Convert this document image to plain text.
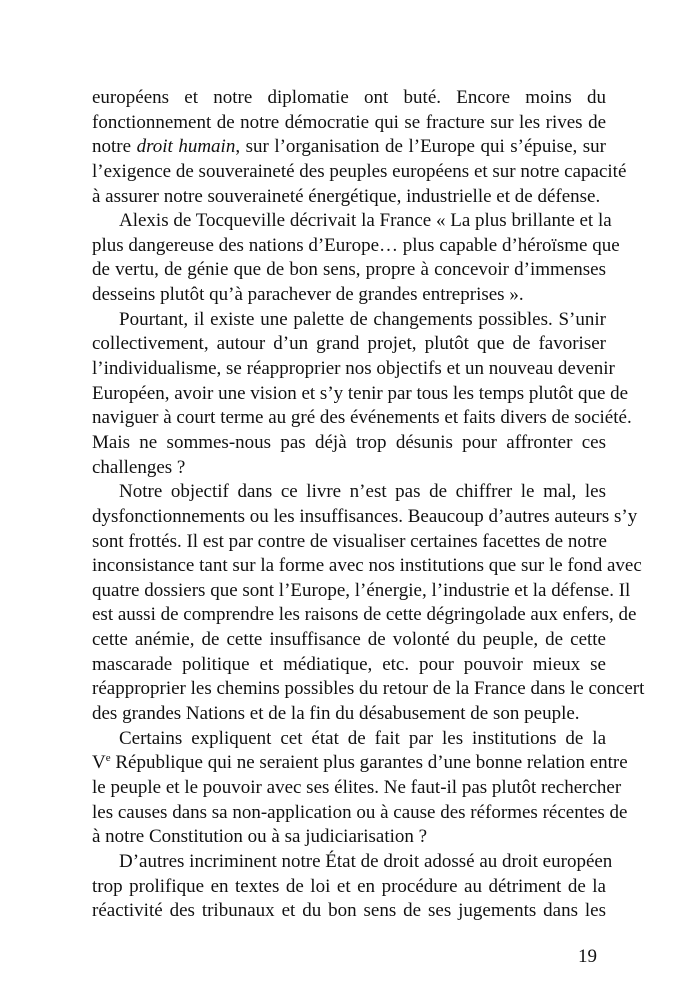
européens et notre diplomatie ont buté. Encore moins du
fonctionnement de notre démocratie qui se fracture sur les rives de
notre droit humain, sur l’organisation de l’Europe qui s’épuise, sur
l’exigence de souveraineté des peuples européens et sur notre capacité
à assurer notre souveraineté énergétique, industrielle et de défense.
Alexis de Tocqueville décrivait la France « La plus brillante et la
plus dangereuse des nations d’Europe… plus capable d’héroïsme que
de vertu, de génie que de bon sens, propre à concevoir d’immenses
desseins plutôt qu’à parachever de grandes entreprises ».
Pourtant, il existe une palette de changements possibles. S’unir
collectivement, autour d’un grand projet, plutôt que de favoriser
l’individualisme, se réapproprier nos objectifs et un nouveau devenir
Européen, avoir une vision et s’y tenir par tous les temps plutôt que de
naviguer à court terme au gré des événements et faits divers de société.
Mais ne sommes-nous pas déjà trop désunis pour affronter ces
challenges ?
Notre objectif dans ce livre n’est pas de chiffrer le mal, les
dysfonctionnements ou les insuffisances. Beaucoup d’autres auteurs s’y
sont frottés. Il est par contre de visualiser certaines facettes de notre
inconsistance tant sur la forme avec nos institutions que sur le fond avec
quatre dossiers que sont l’Europe, l’énergie, l’industrie et la défense. Il
est aussi de comprendre les raisons de cette dégringolade aux enfers, de
cette anémie, de cette insuffisance de volonté du peuple, de cette
mascarade politique et médiatique, etc. pour pouvoir mieux se
réapproprier les chemins possibles du retour de la France dans le concert
des grandes Nations et de la fin du désabusement de son peuple.
Certains expliquent cet état de fait par les institutions de la
Ve République qui ne seraient plus garantes d’une bonne relation entre
le peuple et le pouvoir avec ses élites. Ne faut-il pas plutôt rechercher
les causes dans sa non-application ou à cause des réformes récentes de
à notre Constitution ou à sa judiciarisation ?
D’autres incriminent notre État de droit adossé au droit européen
trop prolifique en textes de loi et en procédure au détriment de la
réactivité des tribunaux et du bon sens de ses jugements dans les
19
